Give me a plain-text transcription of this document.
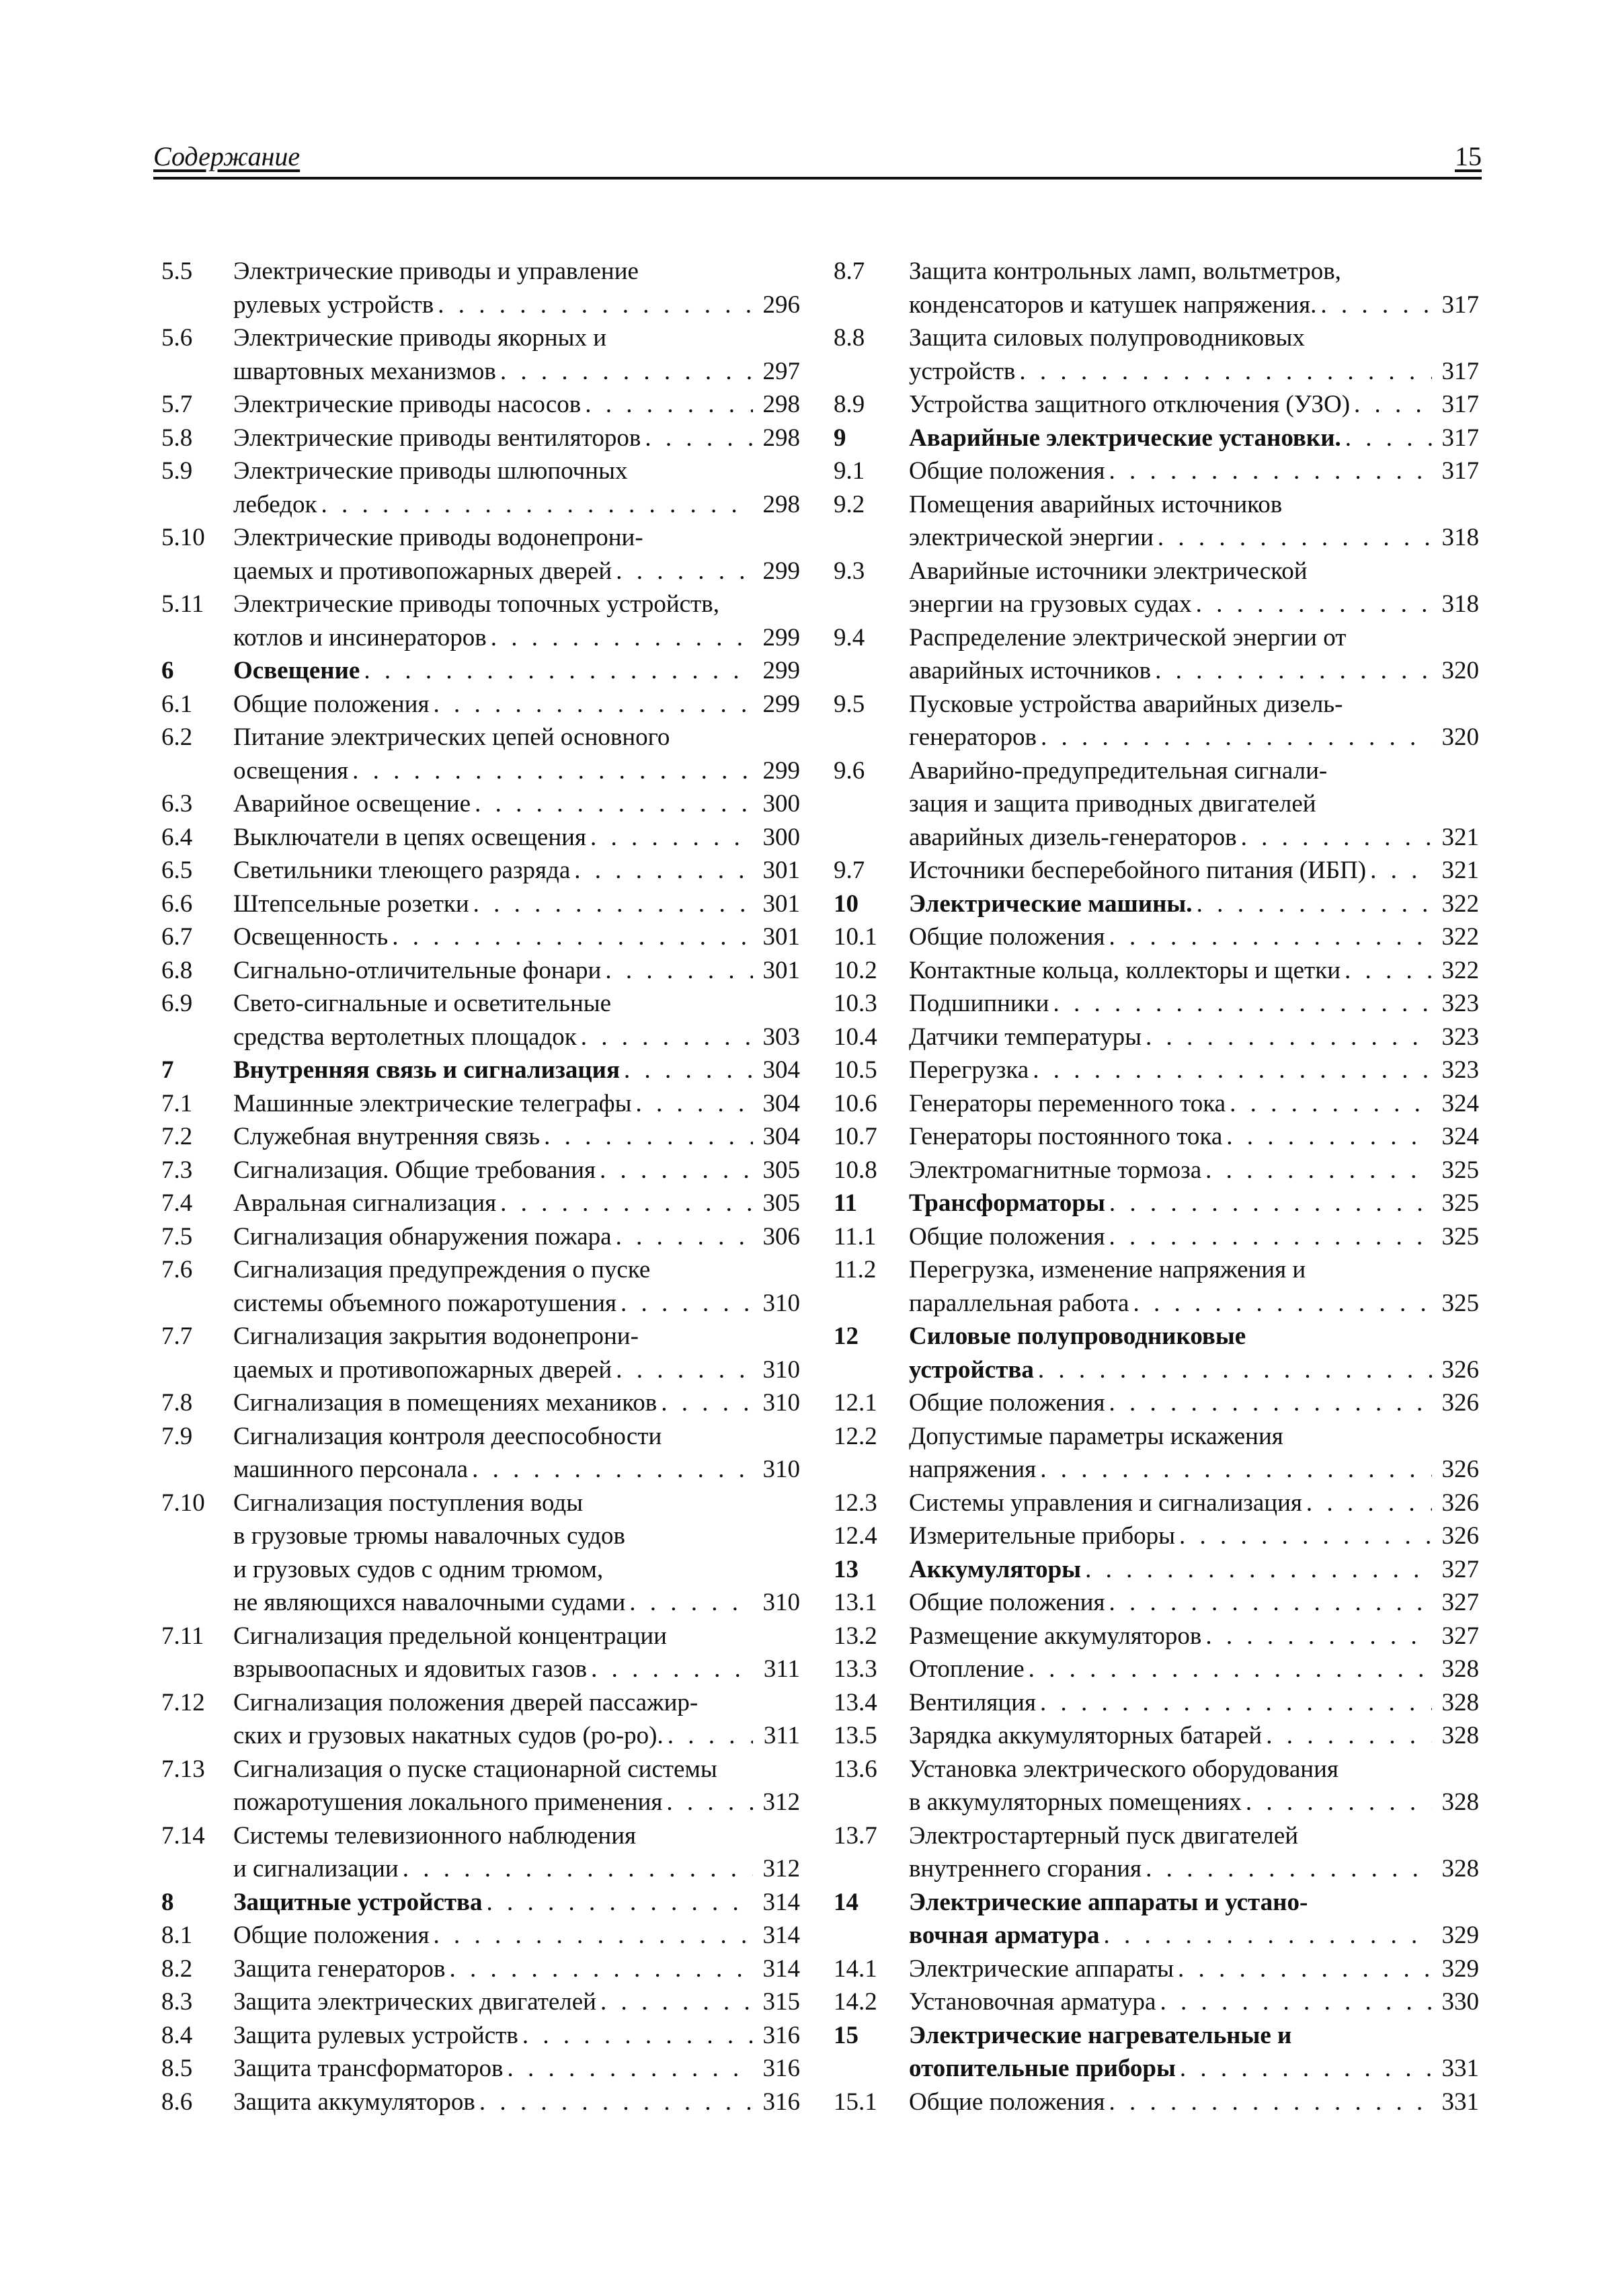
Содержание	15
5.5 Электрические приводы и управление
рулевых устройств . . .	296
5.6 Электрические приводы якорных и
швартовных механизмов . . .	297
5.7 Электрические приводы насосов . . .	298
5.8 Электрические приводы вентиляторов . . .	298
5.9 Электрические приводы шлюпочных
лебедок . . .	298
5.10 Электрические приводы водонепрони-
цаемых и противопожарных дверей . . .	299
5.11 Электрические приводы топочных устройств,
котлов и инсинераторов . . .	299
6 Освещение . . .	299
6.1 Общие положения . . .	299
6.2 Питание электрических цепей основного
освещения . . .	299
6.3 Аварийное освещение . . .	300
6.4 Выключатели в цепях освещения . . .	300
6.5 Светильники тлеющего разряда . . .	301
6.6 Штепсельные розетки . . .	301
6.7 Освещенность . . .	301
6.8 Сигнально-отличительные фонари . . .	301
6.9 Свето-сигнальные и осветительные
средства вертолетных площадок . . .	303
7 Внутренняя связь и сигнализация . . .	304
7.1 Машинные электрические телеграфы . . .	304
7.2 Служебная внутренняя связь . . .	304
7.3 Сигнализация. Общие требования . . .	305
7.4 Авральная сигнализация . . .	305
7.5 Сигнализация обнаружения пожара . . .	306
7.6 Сигнализация предупреждения о пуске
системы объемного пожаротушения . . .	310
7.7 Сигнализация закрытия водонепрони-
цаемых и противопожарных дверей . . .	310
7.8 Сигнализация в помещениях механиков . . .	310
7.9 Сигнализация контроля дееспособности
машинного персонала . . .	310
7.10 Сигнализация поступления воды
в грузовые трюмы навалочных судов
и грузовых судов с одним трюмом,
не являющихся навалочными судами . . .	310
7.11 Сигнализация предельной концентрации
взрывоопасных и ядовитых газов . . .	311
7.12 Сигнализация положения дверей пассажир-
ских и грузовых накатных судов (ро-ро). . . .	311
7.13 Сигнализация о пуске стационарной системы
пожаротушения локального применения . . .	312
7.14 Системы телевизионного наблюдения
и сигнализации . . .	312
8 Защитные устройства . . .	314
8.1 Общие положения . . .	314
8.2 Защита генераторов . . .	314
8.3 Защита электрических двигателей . . .	315
8.4 Защита рулевых устройств . . .	316
8.5 Защита трансформаторов . . .	316
8.6 Защита аккумуляторов . . .	316
8.7 Защита контрольных ламп, вольтметров,
конденсаторов и катушек напряжения. . . .	317
8.8 Защита силовых полупроводниковых
устройств . . .	317
8.9 Устройства защитного отключения (УЗО) . . .	317
9	Аварийные электрические установки. . . .	317
9.1 Общие положения . . .	317
9.2 Помещения аварийных источников
электрической энергии . . .	318
9.3 Аварийные источники электрической
энергии на грузовых судах . . .	318
9.4 Распределение электрической энергии от
аварийных источников . . .	320
9.5 Пусковые устройства аварийных дизель-
генераторов . . .	320
9.6 Аварийно-предупредительная сигнали-
зация и защита приводных двигателей
аварийных дизель-генераторов . . .	321
9.7 Источники бесперебойного питания (ИБП) . . .	321
10 Электрические машины. . . .	322
10.1 Общие положения . . .	322
10.2 Контактные кольца, коллекторы и щетки . . .	322
10.3 Подшипники . . .	323
10.4 Датчики температуры . . .	323
10.5 Перегрузка . . .	323
10.6 Генераторы переменного тока . . .	324
10.7 Генераторы постоянного тока . . .	324
10.8 Электромагнитные тормоза . . .	325
11 Трансформаторы . . .	325
11.1 Общие положения . . .	325
11.2 Перегрузка, изменение напряжения и
параллельная работа . . .	325
12 Силовые полупроводниковые
устройства . . .	326
12.1 Общие положения . . .	326
12.2 Допустимые параметры искажения
напряжения . . .	326
12.3 Системы управления и сигнализация . . .	326
12.4 Измерительные приборы . . .	326
13 Аккумуляторы . . .	327
13.1 Общие положения . . .	327
13.2 Размещение аккумуляторов . . .	327
13.3 Отопление . . .	328
13.4 Вентиляция . . .	328
13.5 Зарядка аккумуляторных батарей . . .	328
13.6 Установка электрического оборудования
в аккумуляторных помещениях . . .	328
13.7 Электростартерный пуск двигателей
внутреннего сгорания . . .	328
14 Электрические аппараты и устано-
вочная арматура . . .	329
14.1 Электрические аппараты . . .	329
14.2 Установочная арматура . . .	330
15 Электрические нагревательные и
отопительные приборы . . .	331
15.1 Общие положения . . .	331
